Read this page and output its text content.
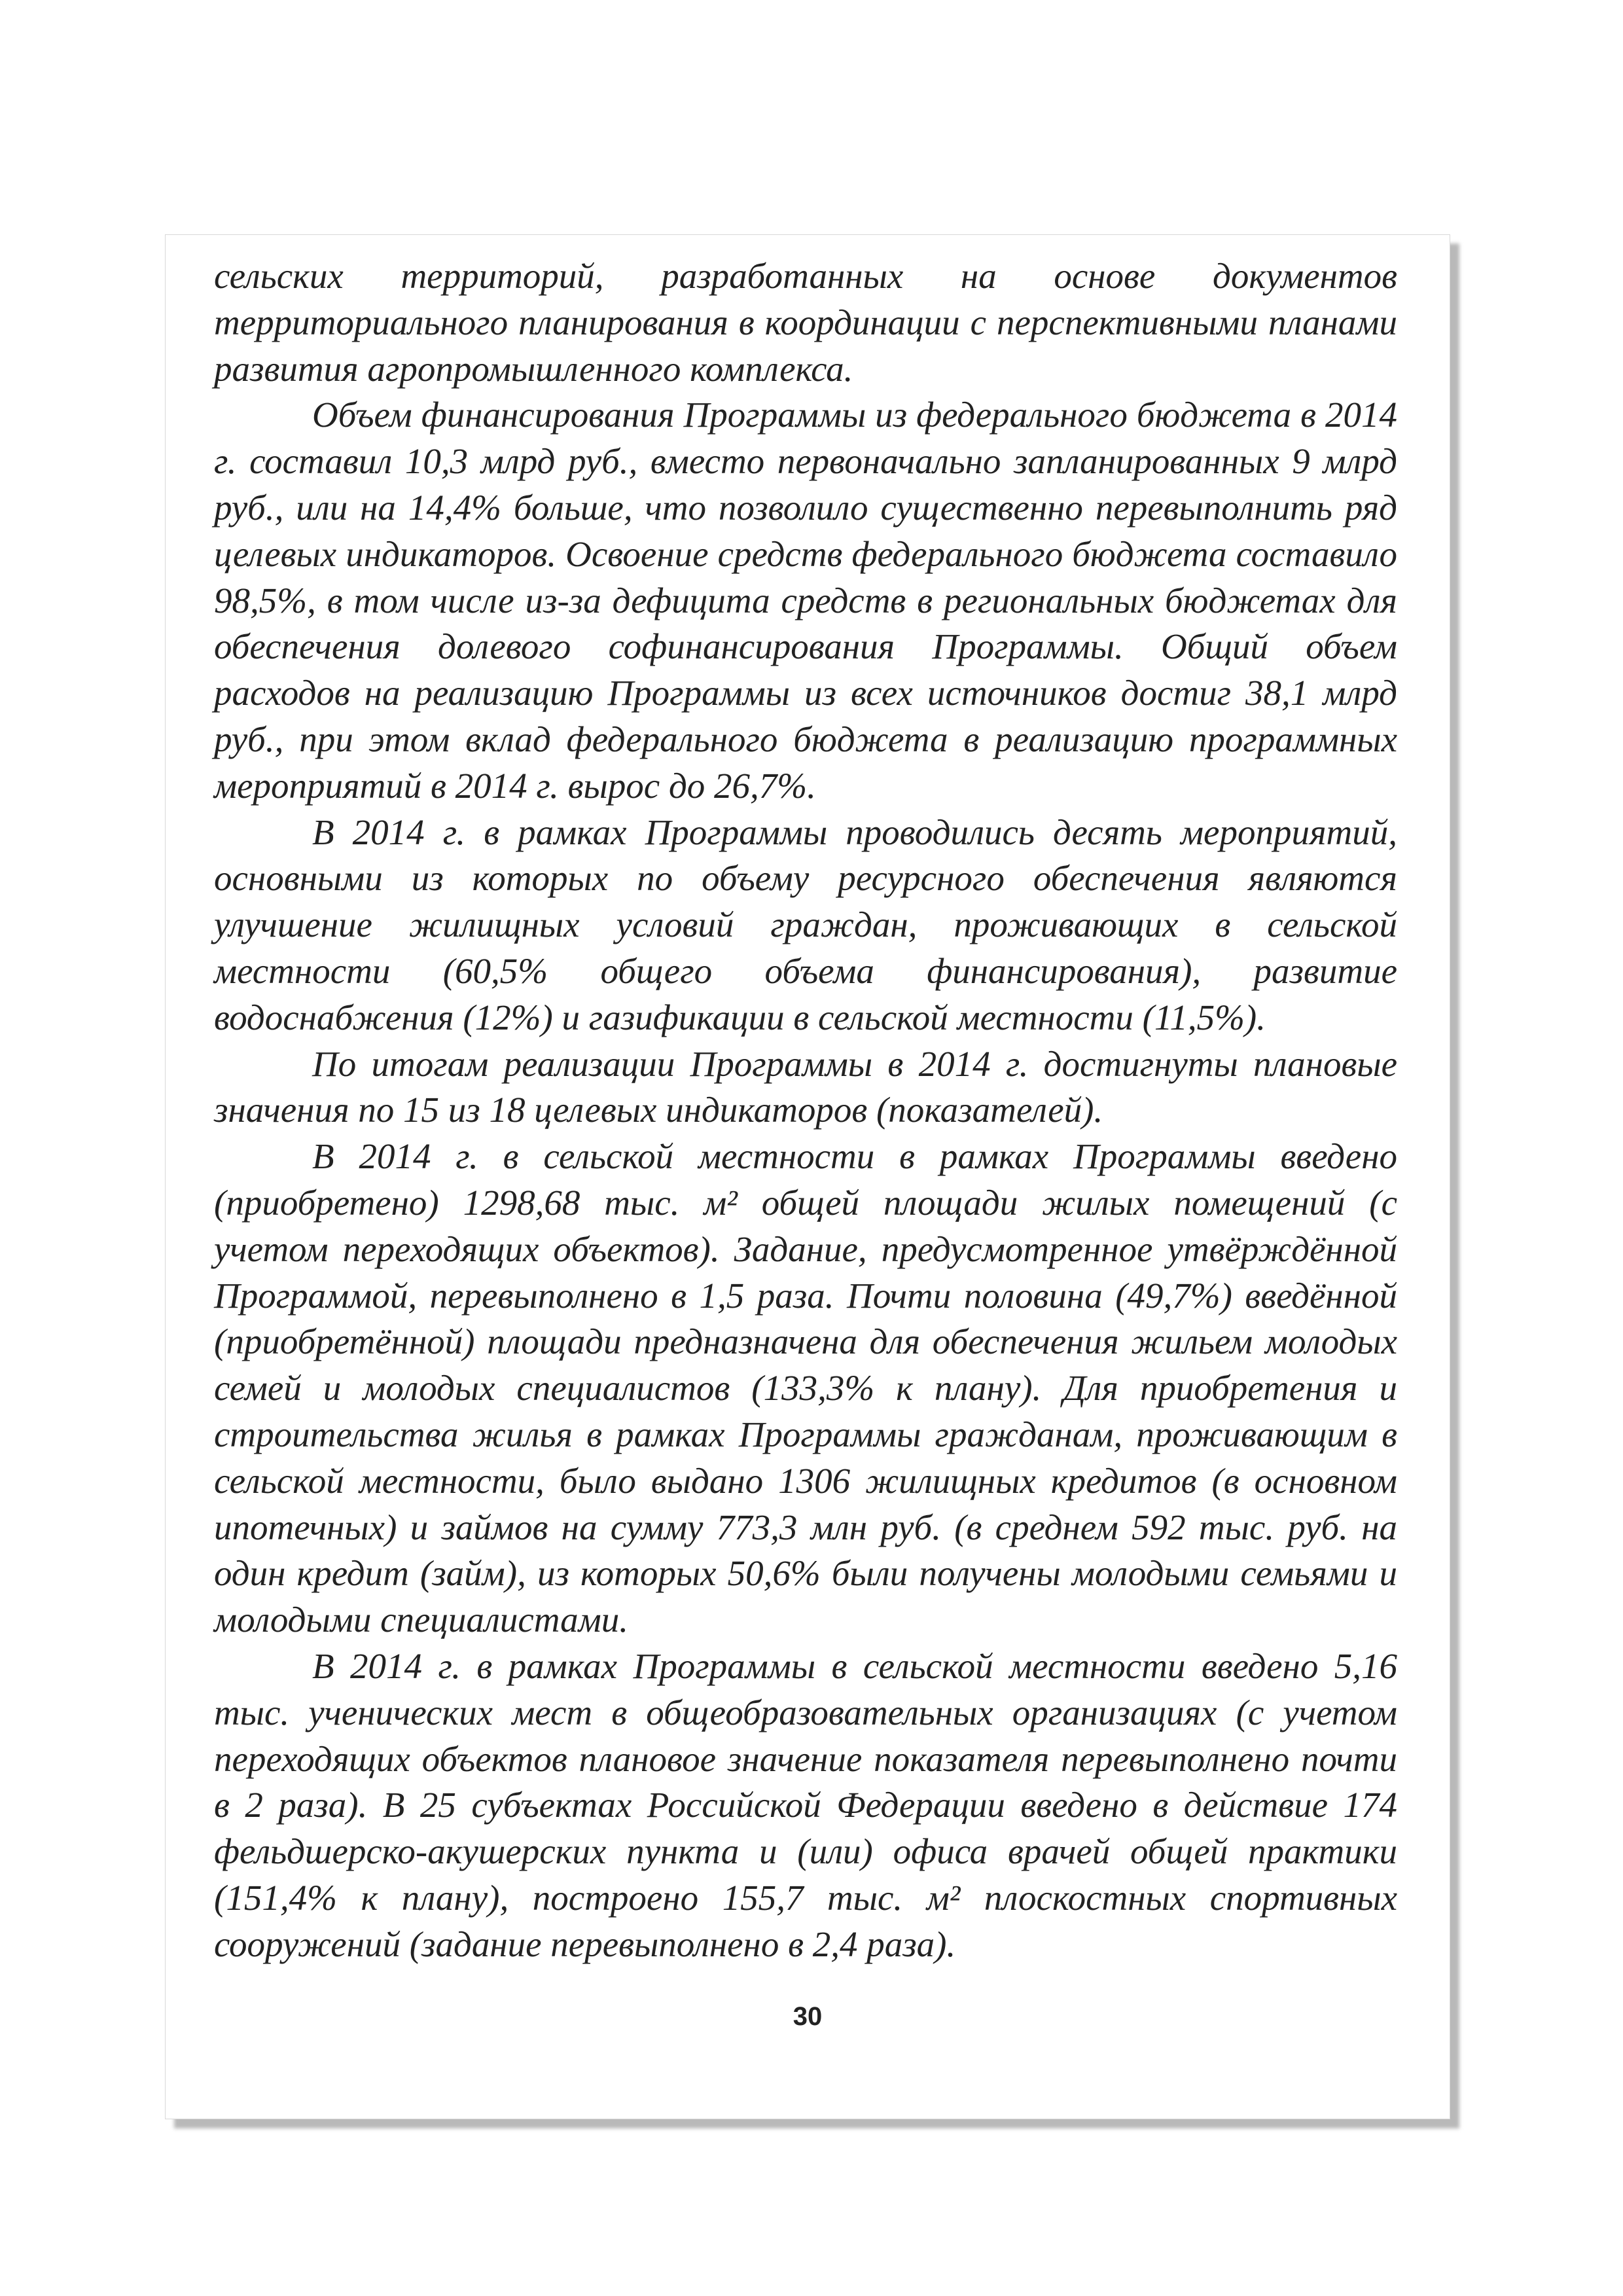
сельских территорий, разработанных на основе документов территориального планирования в координации с перспективными планами развития агропромышленного комплекса.

Объем финансирования Программы из федерального бюджета в 2014 г. составил 10,3 млрд руб., вместо первоначально запланированных 9 млрд руб., или на 14,4% больше, что позволило существенно перевыполнить ряд целевых индикаторов. Освоение средств федерального бюджета составило 98,5%, в том числе из-за дефицита средств в региональных бюджетах для обеспечения долевого софинансирования Программы. Общий объем расходов на реализацию Программы из всех источников достиг 38,1 млрд руб., при этом вклад федерального бюджета в реализацию программных мероприятий в 2014 г. вырос до 26,7%.

В 2014 г. в рамках Программы проводились десять мероприятий, основными из которых по объему ресурсного обеспечения являются улучшение жилищных условий граждан, проживающих в сельской местности (60,5% общего объема финансирования), развитие водоснабжения (12%) и газификации в сельской местности (11,5%).

По итогам реализации Программы в 2014 г. достигнуты плановые значения по 15 из 18 целевых индикаторов (показателей).

В 2014 г. в сельской местности в рамках Программы введено (приобретено) 1298,68 тыс. м² общей площади жилых помещений (с учетом переходящих объектов). Задание, предусмотренное утвёрждённой Программой, перевыполнено в 1,5 раза. Почти половина (49,7%) введённой (приобретённой) площади предназначена для обеспечения жильем молодых семей и молодых специалистов (133,3% к плану). Для приобретения и строительства жилья в рамках Программы гражданам, проживающим в сельской местности, было выдано 1306 жилищных кредитов (в основном ипотечных) и займов на сумму 773,3 млн руб. (в среднем 592 тыс. руб. на один кредит (займ), из которых 50,6% были получены молодыми семьями и молодыми специалистами.

В 2014 г. в рамках Программы в сельской местности введено 5,16 тыс. ученических мест в общеобразовательных организациях (с учетом переходящих объектов плановое значение показателя перевыполнено почти в 2 раза). В 25 субъектах Российской Федерации введено в действие 174 фельдшерско-акушерских пункта и (или) офиса врачей общей практики (151,4% к плану), построено 155,7 тыс. м² плоскостных спортивных сооружений (задание перевыполнено в 2,4 раза).

30
